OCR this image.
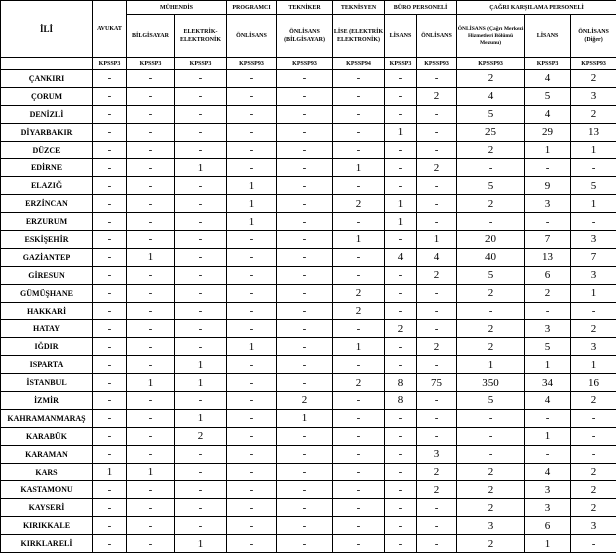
İLİ	AVUKAT	MÜHENDİS		PROGRAMCI	TEKNİKER	TEKNİSYEN	BÜRO PERSONELİ		ÇAĞRI KARŞILAMA PERSONELİ		
		BİLGİSAYAR	ELEKTRİK-ELEKTRONİK	ÖNLİSANS	ÖNLİSANS (BİLGİSAYAR)	LİSE (ELEKTRİK ELEKTRONİK)	LİSANS	ÖNLİSANS	ÖNLİSANS (Çağrı Merkezi Hizmetleri Bölümü Mezunu)	LİSANS	ÖNLİSANS (Diğer)
	KPSSP3	KPSSP3	KPSSP3	KPSSP93	KPSSP93	KPSSP94	KPSSP3	KPSSP93	KPSSP93	KPSSP3	KPSSP93
ÇANKIRI	-	-	-	-	-	-	-	-	2	4	2
ÇORUM	-	-	-	-	-	-	-	2	4	5	3
DENİZLİ	-	-	-	-	-	-	-	-	5	4	2
DİYARBAKIR	-	-	-	-	-	-	1	-	25	29	13
DÜZCE	-	-	-	-	-	-	-	-	2	1	1
EDİRNE	-	-	1	-	-	1	-	2	-	-	-
ELAZIĞ	-	-	-	1	-	-	-	-	5	9	5
ERZİNCAN	-	-	-	1	-	2	1	-	2	3	1
ERZURUM	-	-	-	1	-	-	1	-	-	-	-
ESKİŞEHİR	-	-	-	-	-	1	-	1	20	7	3
GAZİANTEP	-	1	-	-	-	-	4	4	40	13	7
GİRESUN	-	-	-	-	-	-	-	2	5	6	3
GÜMÜŞHANE	-	-	-	-	-	2	-	-	2	2	1
HAKKARİ	-	-	-	-	-	2	-	-	-	-	-
HATAY	-	-	-	-	-	-	2	-	2	3	2
IĞDIR	-	-	-	1	-	1	-	2	2	5	3
ISPARTA	-	-	1	-	-	-	-	-	1	1	1
İSTANBUL	-	1	1	-	-	2	8	75	350	34	16
İZMİR	-	-	-	-	2	-	8	-	5	4	2
KAHRAMANMARAŞ	-	-	1	-	1	-	-	-	-	-	-
KARABÜK	-	-	2	-	-	-	-	-	-	1	-
KARAMAN	-	-	-	-	-	-	-	3	-	-	-
KARS	1	1	-	-	-	-	-	2	2	4	2
KASTAMONU	-	-	-	-	-	-	-	2	2	3	2
KAYSERİ	-	-	-	-	-	-	-	-	2	3	2
KIRIKKALE	-	-	-	-	-	-	-	-	3	6	3
KIRKLARELİ	-	-	1	-	-	-	-	-	2	1	-
